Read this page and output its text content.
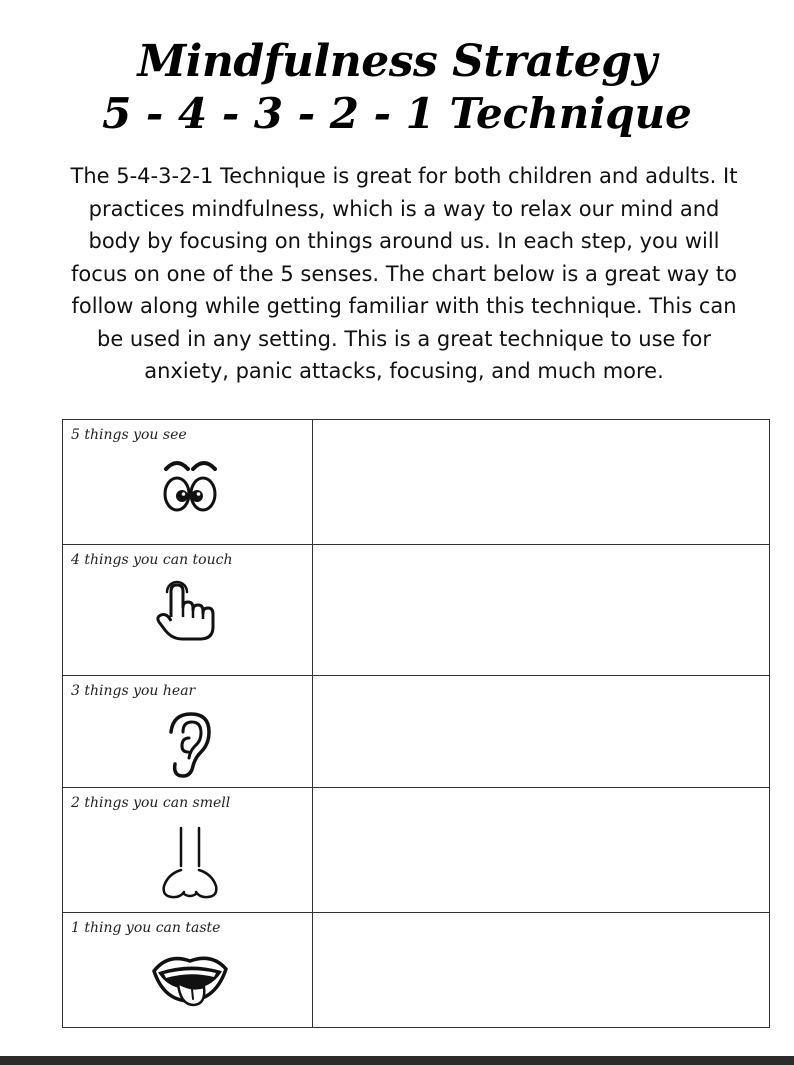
Mindfulness Strategy
5 - 4 - 3 - 2 - 1 Technique

The 5-4-3-2-1 Technique is great for both children and adults. It practices mindfulness, which is a way to relax our mind and body by focusing on things around us. In each step, you will focus on one of the 5 senses. The chart below is a great way to follow along while getting familiar with this technique. This can be used in any setting. This is a great technique to use for anxiety, panic attacks, focusing, and much more.

5 things you see	

4 things you can touch	

3 things you hear	

2 things you can smell	

1 thing you can taste	
